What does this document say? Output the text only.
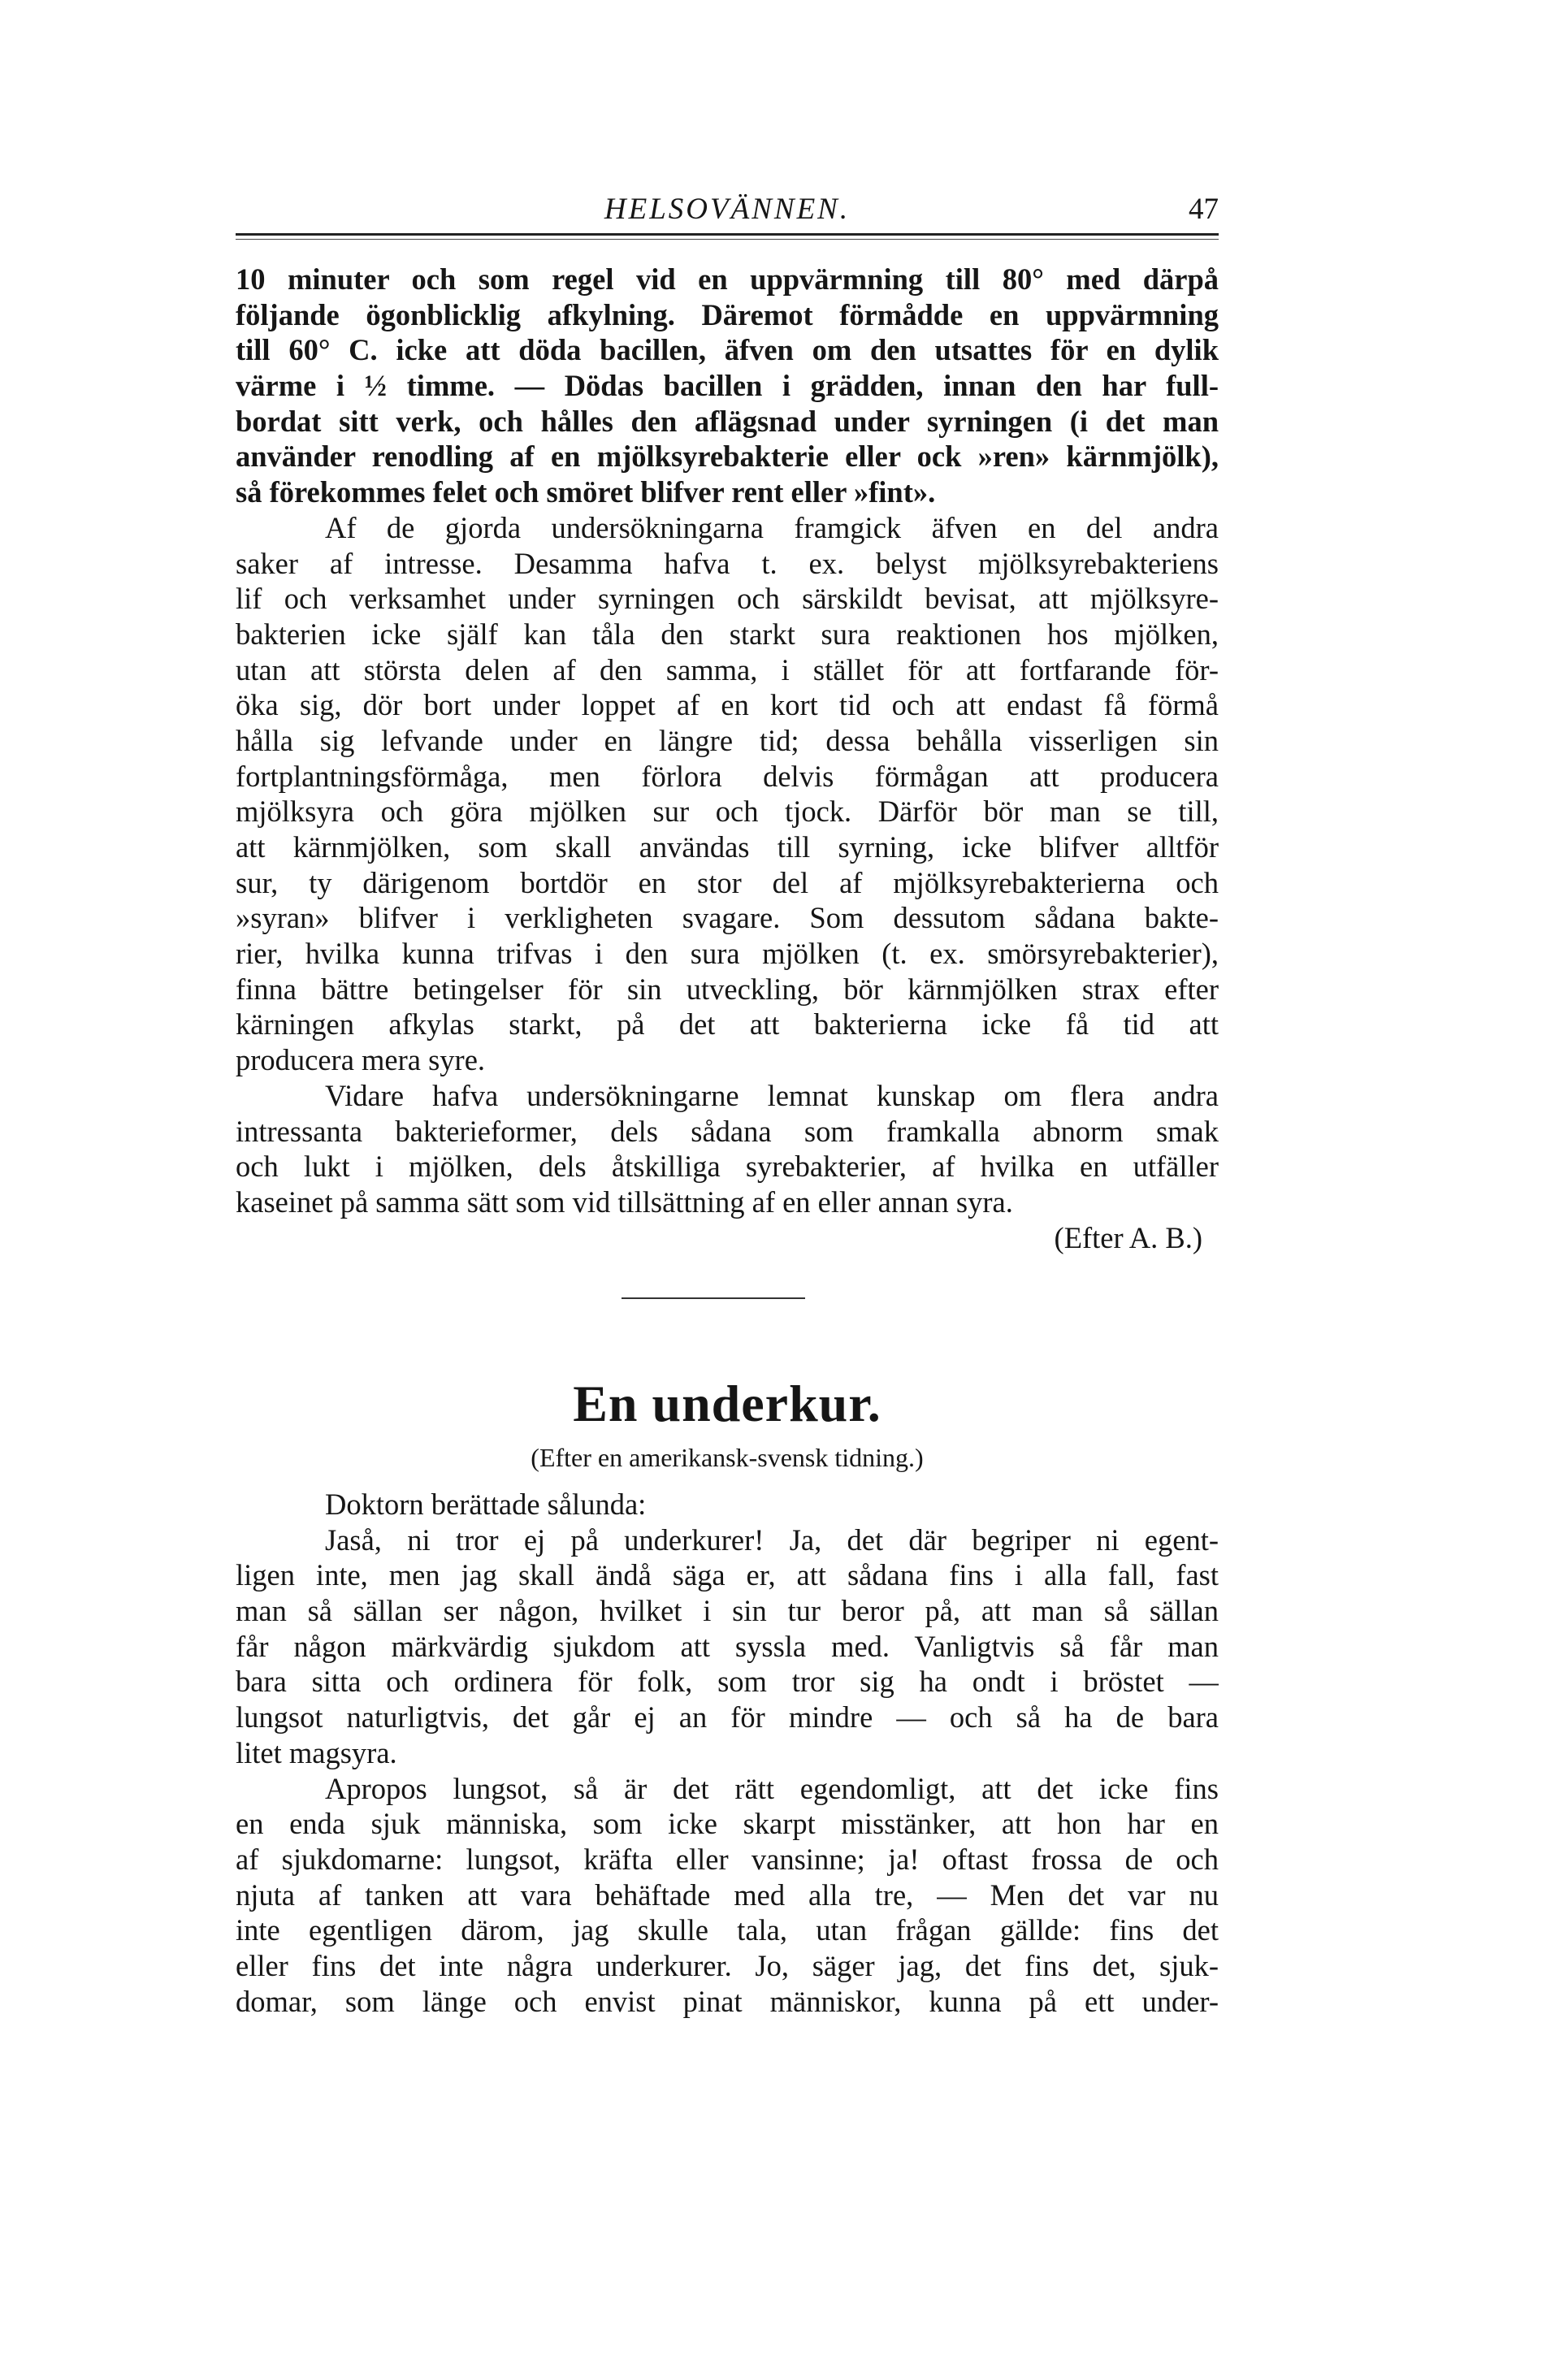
HELSOVÄNNEN.	47
10 minuter och som regel vid en uppvärmning till 80° med därpå
följande ögonblicklig afkylning. Däremot förmådde en uppvärmning
till 60° C. icke att döda bacillen, äfven om den utsattes för en dylik
värme i ½ timme. — Dödas bacillen i grädden, innan den har full-
bordat sitt verk, och hålles den aflägsnad under syrningen (i det man
använder renodling af en mjölksyrebakterie eller ock »ren» kärnmjölk),
så förekommes felet och smöret blifver rent eller »fint».
Af de gjorda undersökningarna framgick äfven en del andra
saker af intresse. Desamma hafva t. ex. belyst mjölksyrebakteriens
lif och verksamhet under syrningen och särskildt bevisat, att mjölksyre-
bakterien icke själf kan tåla den starkt sura reaktionen hos mjölken,
utan att största delen af den samma, i stället för att fortfarande för-
öka sig, dör bort under loppet af en kort tid och att endast få förmå
hålla sig lefvande under en längre tid; dessa behålla visserligen sin
fortplantningsförmåga, men förlora delvis förmågan att producera
mjölksyra och göra mjölken sur och tjock. Därför bör man se till,
att kärnmjölken, som skall användas till syrning, icke blifver alltför
sur, ty därigenom bortdör en stor del af mjölksyrebakterierna och
»syran» blifver i verkligheten svagare. Som dessutom sådana bakte-
rier, hvilka kunna trifvas i den sura mjölken (t. ex. smörsyrebakterier),
finna bättre betingelser för sin utveckling, bör kärnmjölken strax efter
kärningen afkylas starkt, på det att bakterierna icke få tid att
producera mera syre.
Vidare hafva undersökningarne lemnat kunskap om flera andra
intressanta bakterieformer, dels sådana som framkalla abnorm smak
och lukt i mjölken, dels åtskilliga syrebakterier, af hvilka en utfäller
kaseinet på samma sätt som vid tillsättning af en eller annan syra.
(Efter A. B.)
En underkur.
(Efter en amerikansk-svensk tidning.)
Doktorn berättade sålunda:
Jaså, ni tror ej på underkurer! Ja, det där begriper ni egent-
ligen inte, men jag skall ändå säga er, att sådana fins i alla fall, fast
man så sällan ser någon, hvilket i sin tur beror på, att man så sällan
får någon märkvärdig sjukdom att syssla med. Vanligtvis så får man
bara sitta och ordinera för folk, som tror sig ha ondt i bröstet —
lungsot naturligtvis, det går ej an för mindre — och så ha de bara
litet magsyra.
Apropos lungsot, så är det rätt egendomligt, att det icke fins
en enda sjuk människa, som icke skarpt misstänker, att hon har en
af sjukdomarne: lungsot, kräfta eller vansinne; ja! oftast frossa de och
njuta af tanken att vara behäftade med alla tre, — Men det var nu
inte egentligen därom, jag skulle tala, utan frågan gällde: fins det
eller fins det inte några underkurer. Jo, säger jag, det fins det, sjuk-
domar, som länge och envist pinat människor, kunna på ett under-
